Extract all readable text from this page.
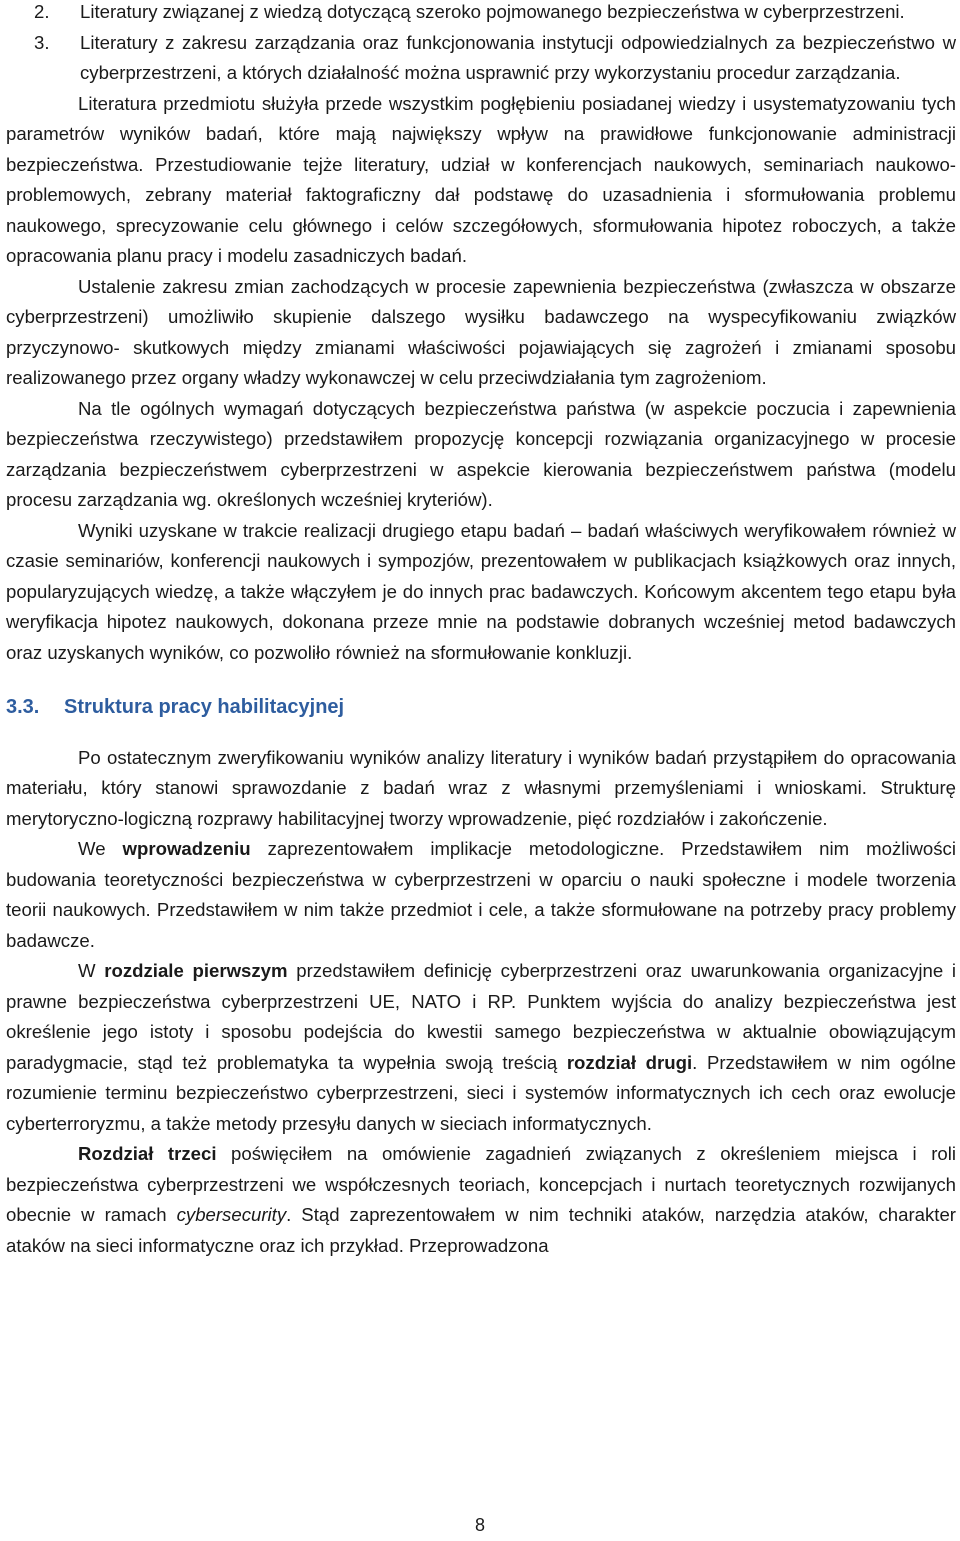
2.	Literatury związanej z wiedzą dotyczącą szeroko pojmowanego bezpieczeństwa w cyberprzestrzeni.
3.	Literatury z zakresu zarządzania oraz funkcjonowania instytucji odpowiedzialnych za bezpieczeństwo w cyberprzestrzeni, a których działalność można usprawnić przy wykorzystaniu procedur zarządzania.

Literatura przedmiotu służyła przede wszystkim pogłębieniu posiadanej wiedzy i usystematyzowaniu tych parametrów wyników badań, które mają największy wpływ na prawidłowe funkcjonowanie administracji bezpieczeństwa. Przestudiowanie tejże literatury, udział w konferencjach naukowych, seminariach naukowo-problemowych, zebrany materiał faktograficzny dał podstawę do uzasadnienia i sformułowania problemu naukowego, sprecyzowanie celu głównego i celów szczegółowych, sformułowania hipotez roboczych, a także opracowania planu pracy i modelu zasadniczych badań.

Ustalenie zakresu zmian zachodzących w procesie zapewnienia bezpieczeństwa (zwłaszcza w obszarze cyberprzestrzeni) umożliwiło skupienie dalszego wysiłku badawczego na wyspecyfikowaniu związków przyczynowo- skutkowych między zmianami właściwości pojawiających się zagrożeń i zmianami sposobu realizowanego przez organy władzy wykonawczej w celu przeciwdziałania tym zagrożeniom.

Na tle ogólnych wymagań dotyczących bezpieczeństwa państwa (w aspekcie poczucia i zapewnienia bezpieczeństwa rzeczywistego) przedstawiłem propozycję koncepcji rozwiązania organizacyjnego w procesie zarządzania bezpieczeństwem cyberprzestrzeni w aspekcie kierowania bezpieczeństwem państwa (modelu procesu zarządzania wg. określonych wcześniej kryteriów).

Wyniki uzyskane w trakcie realizacji drugiego etapu badań – badań właściwych weryfikowałem również w czasie seminariów, konferencji naukowych i sympozjów, prezentowałem w publikacjach książkowych oraz innych, popularyzujących wiedzę, a także włączyłem je do innych prac badawczych. Końcowym akcentem tego etapu była weryfikacja hipotez naukowych, dokonana przeze mnie na podstawie dobranych wcześniej metod badawczych oraz uzyskanych wyników, co pozwoliło również na sformułowanie konkluzji.

3.3.	Struktura pracy habilitacyjnej

Po ostatecznym zweryfikowaniu wyników analizy literatury i wyników badań przystąpiłem do opracowania materiału, który stanowi sprawozdanie z badań wraz z własnymi przemyśleniami i wnioskami. Strukturę merytoryczno-logiczną rozprawy habilitacyjnej tworzy wprowadzenie, pięć rozdziałów i zakończenie.

We wprowadzeniu zaprezentowałem implikacje metodologiczne. Przedstawiłem nim możliwości budowania teoretyczności bezpieczeństwa w cyberprzestrzeni w oparciu o nauki społeczne i modele tworzenia teorii naukowych. Przedstawiłem w nim także przedmiot i cele, a także sformułowane na potrzeby pracy problemy badawcze.

W rozdziale pierwszym przedstawiłem definicję cyberprzestrzeni oraz uwarunkowania organizacyjne i prawne bezpieczeństwa cyberprzestrzeni UE, NATO i RP. Punktem wyjścia do analizy bezpieczeństwa jest określenie jego istoty i sposobu podejścia do kwestii samego bezpieczeństwa w aktualnie obowiązującym paradygmacie, stąd też problematyka ta wypełnia swoją treścią rozdział drugi. Przedstawiłem w nim ogólne rozumienie terminu bezpieczeństwo cyberprzestrzeni, sieci i systemów informatycznych ich cech oraz ewolucje cyberterroryzmu, a także metody przesyłu danych w sieciach informatycznych.

Rozdział trzeci poświęciłem na omówienie zagadnień związanych z określeniem miejsca i roli bezpieczeństwa cyberprzestrzeni we współczesnych teoriach, koncepcjach i nurtach teoretycznych rozwijanych obecnie w ramach cybersecurity. Stąd zaprezentowałem w nim techniki ataków, narzędzia ataków, charakter ataków na sieci informatyczne oraz ich przykład. Przeprowadzona

8
